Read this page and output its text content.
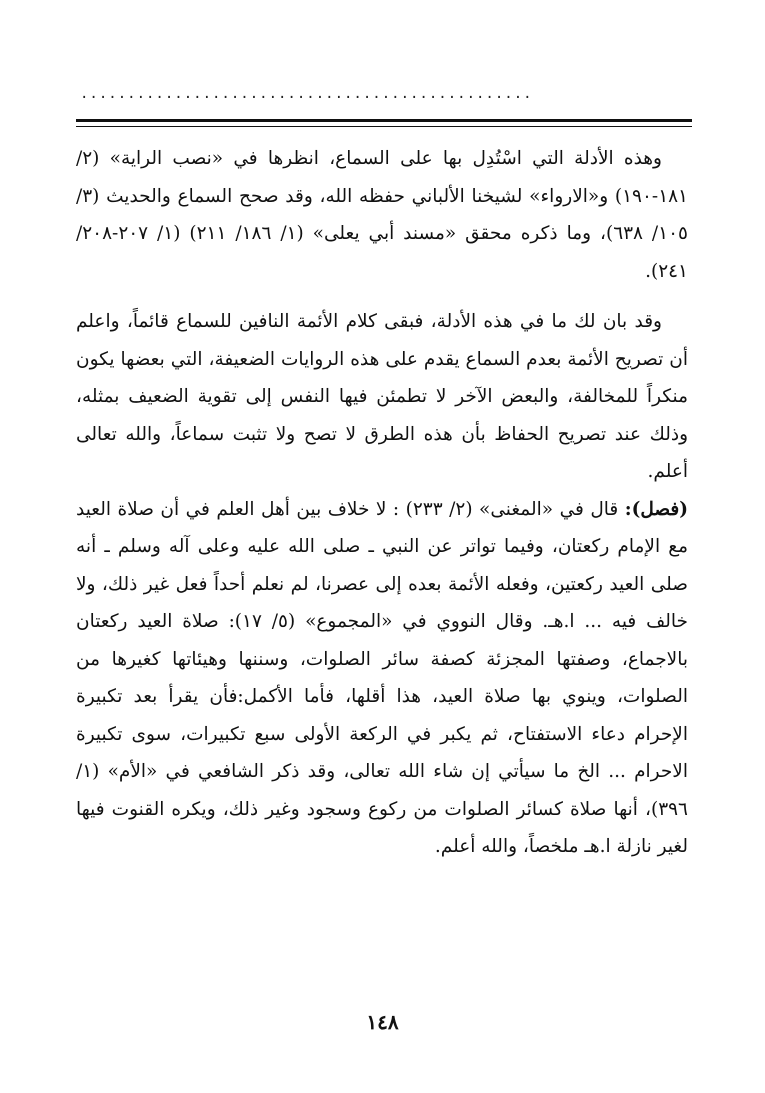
................................................

وهذه الأدلة التي اسْتُدِل بها على السماع، انظرها في «نصب الراية» (٢/ ١٨١-١٩٠) و«الارواء» لشيخنا الألباني حفظه الله، وقد صحح السماع والحديث (٣/ ١٠٥/ ٦٣٨)، وما ذكره محقق «مسند أبي يعلى» (١/ ١٨٦/ ٢١١) (١/ ٢٠٧-٢٠٨/ ٢٤١).

وقد بان لك ما في هذه الأدلة، فبقى كلام الأئمة النافين للسماع قائماً، واعلم أن تصريح الأئمة بعدم السماع يقدم على هذه الروايات الضعيفة، التي بعضها يكون منكراً للمخالفة، والبعض الآخر لا تطمئن فيها النفس إلى تقوية الضعيف بمثله، وذلك عند تصريح الحفاظ بأن هذه الطرق لا تصح ولا تثبت سماعاً، والله تعالى أعلم.

(فصل): قال في «المغنى» (٢/ ٢٣٣) : لا خلاف بين أهل العلم في أن صلاة العيد مع الإمام ركعتان، وفيما تواتر عن النبي ـ صلى الله عليه وعلى آله وسلم ـ أنه صلى العيد ركعتين، وفعله الأئمة بعده إلى عصرنا، لم نعلم أحداً فعل غير ذلك، ولا خالف فيه ... ا.هـ. وقال النووي في «المجموع» (٥/ ١٧): صلاة العيد ركعتان بالاجماع، وصفتها المجزئة كصفة سائر الصلوات، وسننها وهيئاتها كغيرها من الصلوات، وينوي بها صلاة العيد، هذا أقلها، فأما الأكمل:فأن يقرأ بعد تكبيرة الإحرام دعاء الاستفتاح، ثم يكبر في الركعة الأولى سبع تكبيرات، سوى تكبيرة الاحرام ... الخ ما سيأتي إن شاء الله تعالى، وقد ذكر الشافعي في «الأم» (١/ ٣٩٦)، أنها صلاة كسائر الصلوات من ركوع وسجود وغير ذلك، ويكره القنوت فيها لغير نازلة ا.هـ ملخصاً، والله أعلم.

١٤٨
